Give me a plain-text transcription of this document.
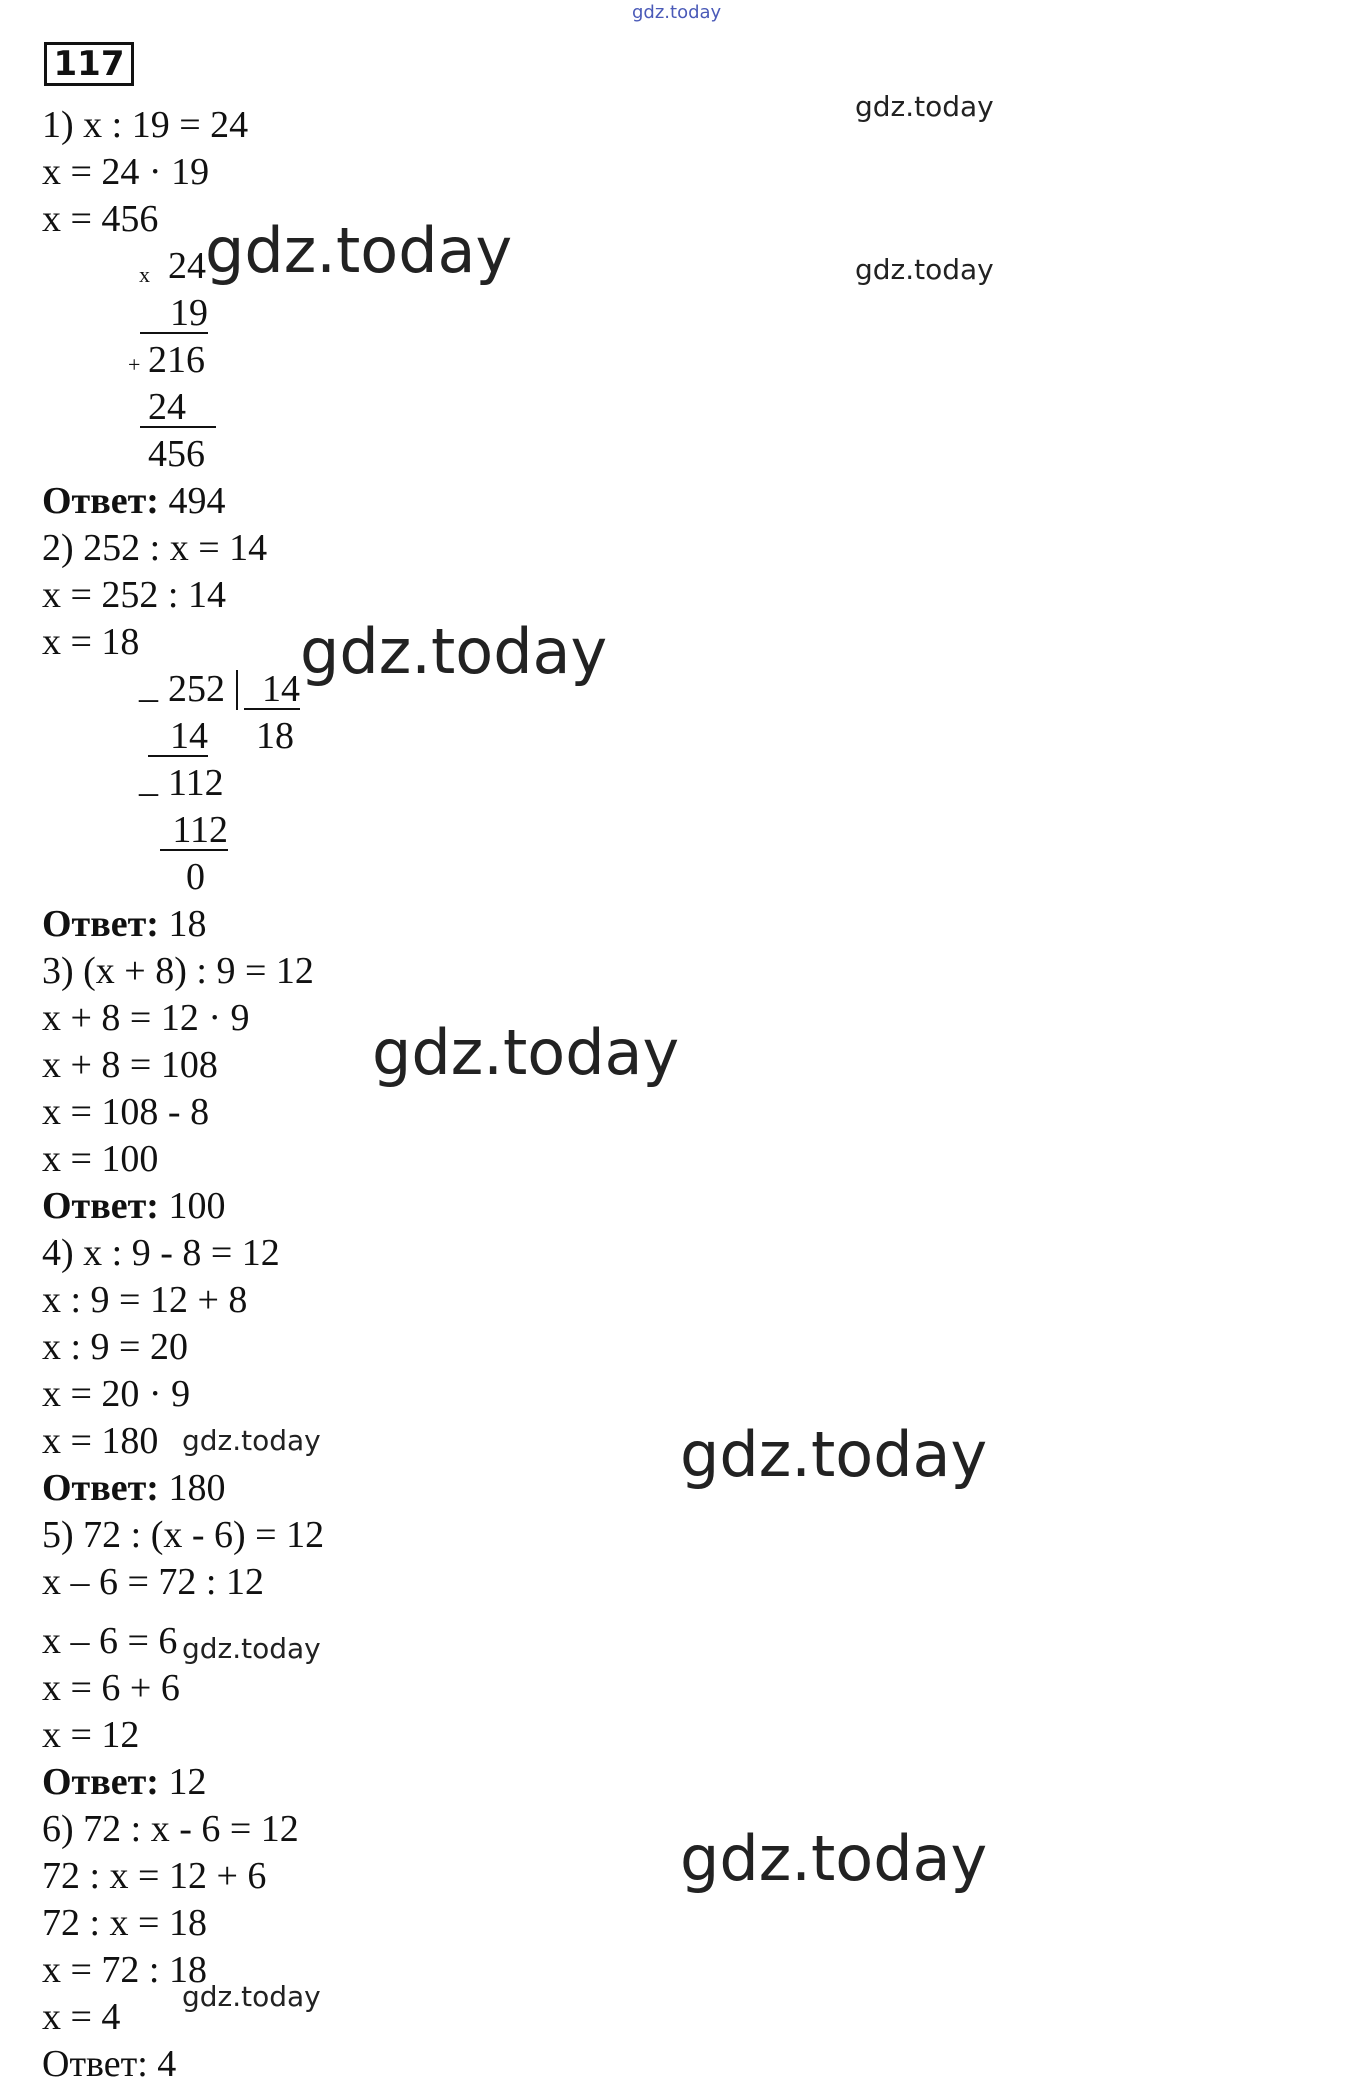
gdz.today
117
1) x : 19 = 24
x = 24 · 19
x = 456
x 24
19
+ 216
24
456
Ответ: 494
2) 252 : x = 14
x = 252 : 14
x = 18
_ 252 14
18
14
_ 112
112
0
Ответ: 18
3) (x + 8) : 9 = 12
x + 8 = 12 · 9
x + 8 = 108
x = 108 - 8
x = 100
Ответ: 100
4) x : 9 - 8 = 12
x : 9 = 12 + 8
x : 9 = 20
x = 20 · 9
x = 180
Ответ: 180
5) 72 : (x - 6) = 12
x – 6 = 72 : 12
x – 6 = 6
x = 6 + 6
x = 12
Ответ: 12
6) 72 : x - 6 = 12
72 : x = 12 + 6
72 : x = 18
x = 72 : 18
x = 4
Ответ: 4
gdz.today
gdz.today
gdz.today
gdz.today
gdz.today
gdz.today	gdz.today
gdz.today
gdz.today
gdz.today
